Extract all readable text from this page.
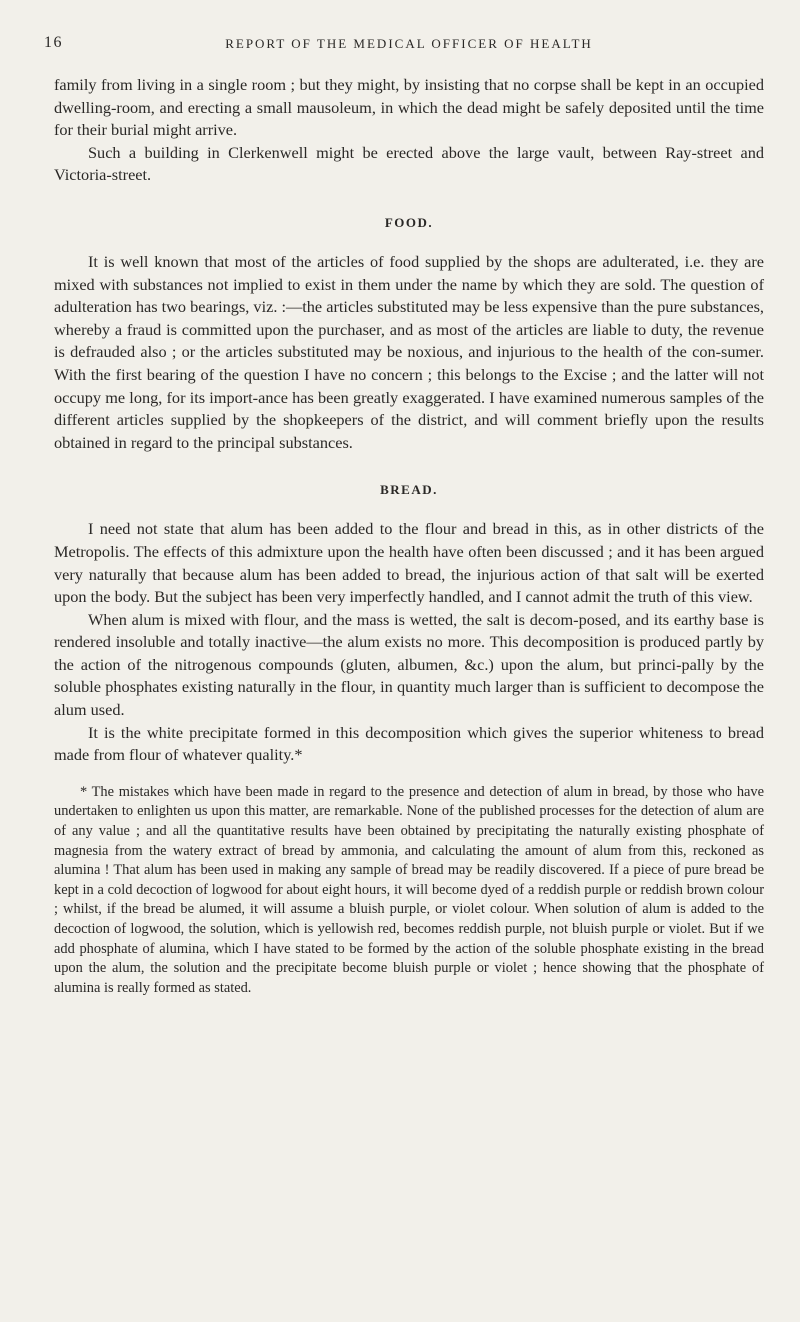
16	REPORT OF THE MEDICAL OFFICER OF HEALTH

family from living in a single room ; but they might, by insisting that no corpse shall be kept in an occupied dwelling-room, and erecting a small mausoleum, in which the dead might be safely deposited until the time for their burial might arrive.

Such a building in Clerkenwell might be erected above the large vault, between Ray-street and Victoria-street.

FOOD.

It is well known that most of the articles of food supplied by the shops are adulterated, i.e. they are mixed with substances not implied to exist in them under the name by which they are sold. The question of adulteration has two bearings, viz. :—the articles substituted may be less expensive than the pure substances, whereby a fraud is committed upon the purchaser, and as most of the articles are liable to duty, the revenue is defrauded also ; or the articles substituted may be noxious, and injurious to the health of the con-sumer. With the first bearing of the question I have no concern ; this belongs to the Excise ; and the latter will not occupy me long, for its import-ance has been greatly exaggerated. I have examined numerous samples of the different articles supplied by the shopkeepers of the district, and will comment briefly upon the results obtained in regard to the principal substances.

BREAD.

I need not state that alum has been added to the flour and bread in this, as in other districts of the Metropolis. The effects of this admixture upon the health have often been discussed ; and it has been argued very naturally that because alum has been added to bread, the injurious action of that salt will be exerted upon the body. But the subject has been very imperfectly handled, and I cannot admit the truth of this view.

When alum is mixed with flour, and the mass is wetted, the salt is decom-posed, and its earthy base is rendered insoluble and totally inactive—the alum exists no more. This decomposition is produced partly by the action of the nitrogenous compounds (gluten, albumen, &c.) upon the alum, but princi-pally by the soluble phosphates existing naturally in the flour, in quantity much larger than is sufficient to decompose the alum used.

It is the white precipitate formed in this decomposition which gives the superior whiteness to bread made from flour of whatever quality.*

* The mistakes which have been made in regard to the presence and detection of alum in bread, by those who have undertaken to enlighten us upon this matter, are remarkable. None of the published processes for the detection of alum are of any value ; and all the quantitative results have been obtained by precipitating the naturally existing phosphate of magnesia from the watery extract of bread by ammonia, and calculating the amount of alum from this, reckoned as alumina ! That alum has been used in making any sample of bread may be readily discovered. If a piece of pure bread be kept in a cold decoction of logwood for about eight hours, it will become dyed of a reddish purple or reddish brown colour ; whilst, if the bread be alumed, it will assume a bluish purple, or violet colour. When solution of alum is added to the decoction of logwood, the solution, which is yellowish red, becomes reddish purple, not bluish purple or violet. But if we add phosphate of alumina, which I have stated to be formed by the action of the soluble phosphate existing in the bread upon the alum, the solution and the precipitate become bluish purple or violet ; hence showing that the phosphate of alumina is really formed as stated.
